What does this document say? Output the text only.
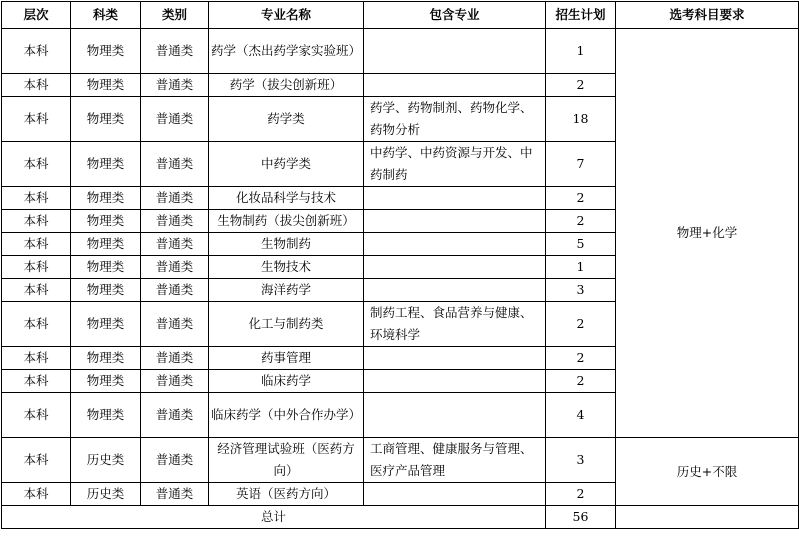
层次	科类	类别	专业名称	包含专业	招生计划	选考科目要求
本科	物理类	普通类	药学（杰出药学家实验班）		1	物理+化学
本科	物理类	普通类	药学（拔尖创新班）		2	
本科	物理类	普通类	药学类	药学、药物制剂、药物化学、药物分析	18	
本科	物理类	普通类	中药学类	中药学、中药资源与开发、中药制药	7	
本科	物理类	普通类	化妆品科学与技术		2	
本科	物理类	普通类	生物制药（拔尖创新班）		2	
本科	物理类	普通类	生物制药		5	
本科	物理类	普通类	生物技术		1	
本科	物理类	普通类	海洋药学		3	
本科	物理类	普通类	化工与制药类	制药工程、食品营养与健康、环境科学	2	
本科	物理类	普通类	药事管理		2	
本科	物理类	普通类	临床药学		2	
本科	物理类	普通类	临床药学（中外合作办学）		4	
本科	历史类	普通类	经济管理试验班（医药方向）	工商管理、健康服务与管理、医疗产品管理	3	历史+不限
本科	历史类	普通类	英语（医药方向）		2	
总计					56	
